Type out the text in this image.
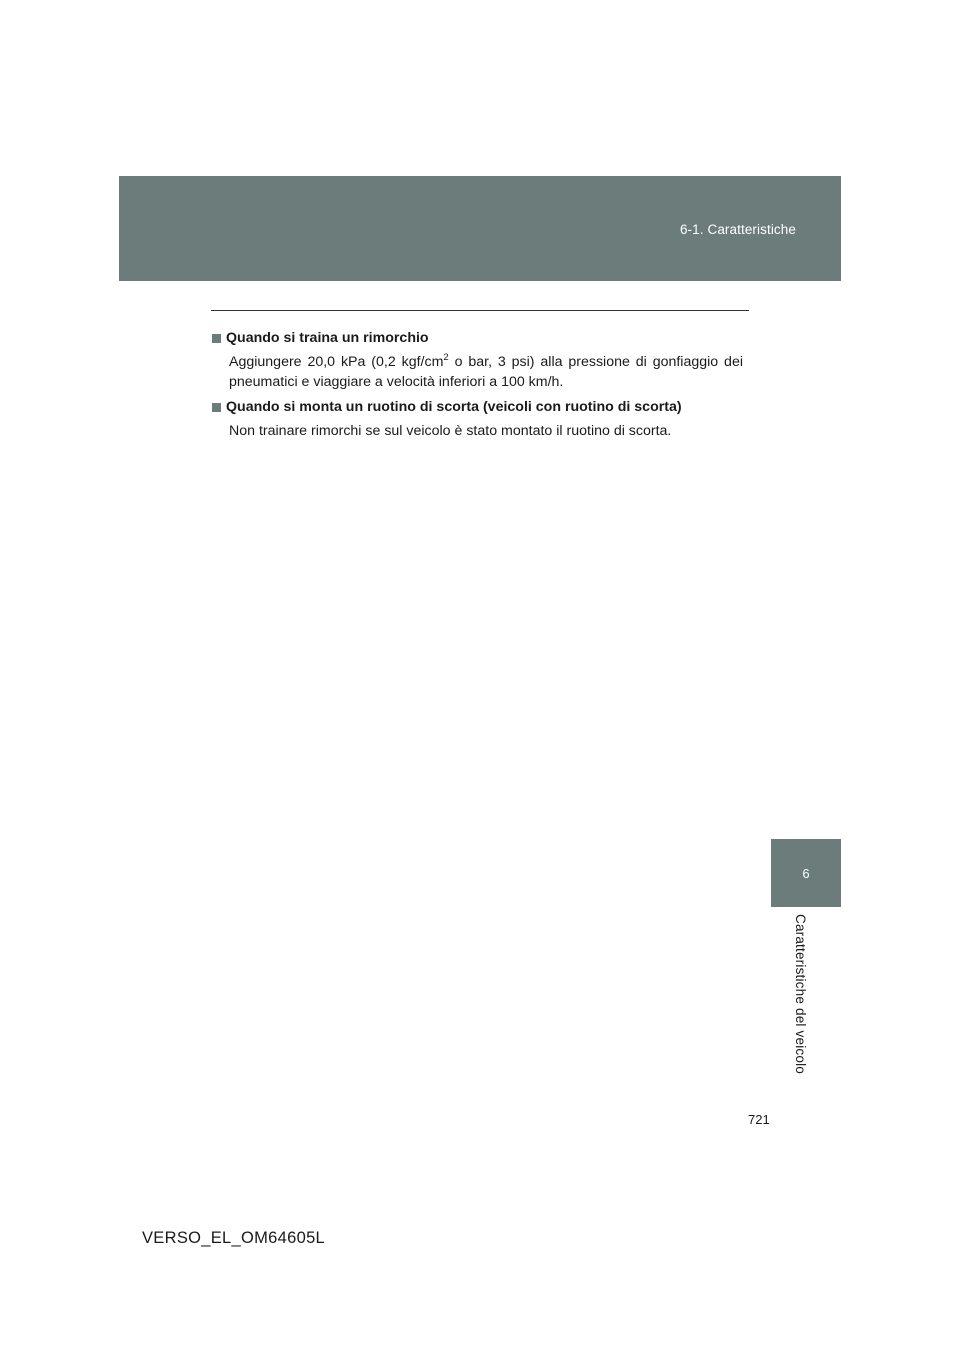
6-1. Caratteristiche

Quando si traina un rimorchio

Aggiungere 20,0 kPa (0,2 kgf/$cm^2$ o bar, 3 psi) alla pressione di gonfiaggio dei pneumatici e viaggiare a velocità inferiori a 100 km/h.

Quando si monta un ruotino di scorta (veicoli con ruotino di scorta)

Non trainare rimorchi se sul veicolo è stato montato il ruotino di scorta.

6
Caratteristiche del veicolo
721
VERSO_EL_OM64605L
